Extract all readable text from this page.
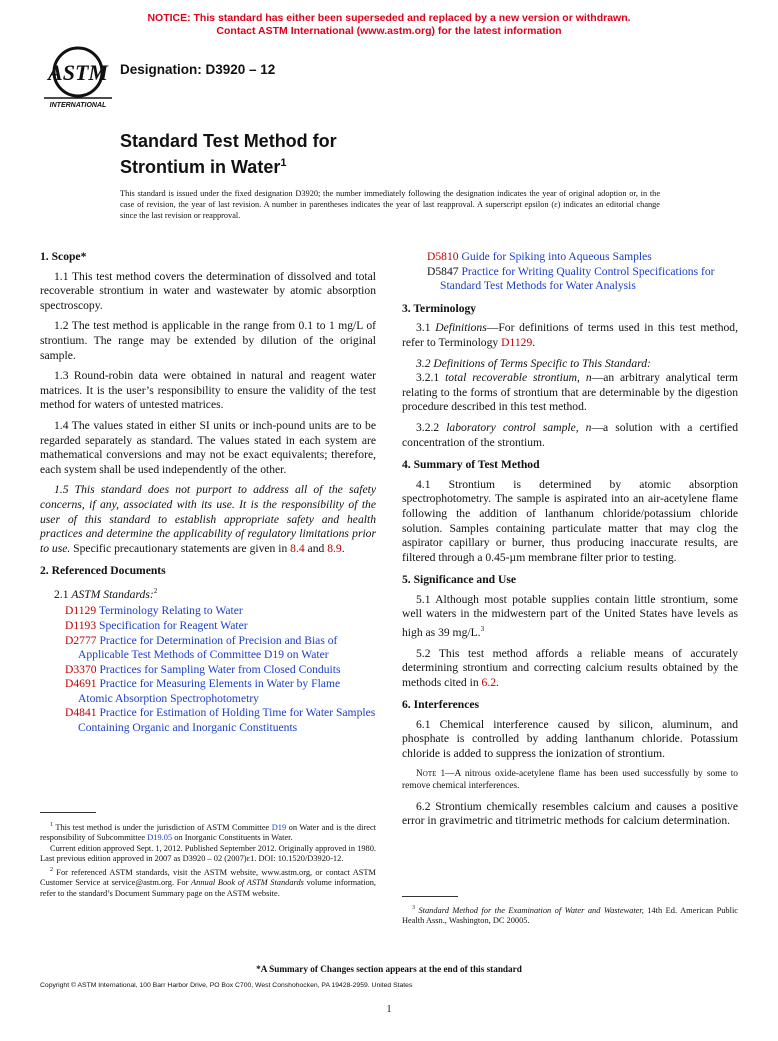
NOTICE: This standard has either been superseded and replaced by a new version or withdrawn.
Contact ASTM International (www.astm.org) for the latest information
ASTM
INTERNATIONAL
Designation: D3920 – 12
Standard Test Method for
Strontium in Water$^1$
This standard is issued under the fixed designation D3920; the number immediately following the designation indicates the year of original adoption or, in the case of revision, the year of last revision. A number in parentheses indicates the year of last reapproval. A superscript epsilon (ε) indicates an editorial change since the last revision or reapproval.
1. Scope*

1.1 This test method covers the determination of dissolved and total recoverable strontium in water and wastewater by atomic absorption spectroscopy.

1.2 The test method is applicable in the range from 0.1 to 1 mg/L of strontium. The range may be extended by dilution of the original sample.

1.3 Round-robin data were obtained in natural and reagent water matrices. It is the user’s responsibility to ensure the validity of the test method for waters of untested matrices.

1.4 The values stated in either SI units or inch-pound units are to be regarded separately as standard. The values stated in each system are mathematical conversions and may not be exact equivalents; therefore, each system shall be used independently of the other.

1.5 This standard does not purport to address all of the safety concerns, if any, associated with its use. It is the responsibility of the user of this standard to establish appropriate safety and health practices and determine the applicability of regulatory limitations prior to use. Specific precautionary statements are given in 8.4 and 8.9.

2. Referenced Documents

2.1 ASTM Standards:$^2$

D1129 Terminology Relating to Water

D1193 Specification for Reagent Water

D2777 Practice for Determination of Precision and Bias of Applicable Test Methods of Committee D19 on Water

D3370 Practices for Sampling Water from Closed Conduits

D4691 Practice for Measuring Elements in Water by Flame Atomic Absorption Spectrophotometry

D4841 Practice for Estimation of Holding Time for Water Samples Containing Organic and Inorganic Constituents

D5810 Guide for Spiking into Aqueous Samples

D5847 Practice for Writing Quality Control Specifications for Standard Test Methods for Water Analysis

3. Terminology

3.1 Definitions—For definitions of terms used in this test method, refer to Terminology D1129.

3.2 Definitions of Terms Specific to This Standard:

3.2.1 total recoverable strontium, n—an arbitrary analytical term relating to the forms of strontium that are determinable by the digestion procedure described in this test method.

3.2.2 laboratory control sample, n—a solution with a certified concentration of the strontium.

4. Summary of Test Method

4.1 Strontium is determined by atomic absorption spectrophotometry. The sample is aspirated into an air-acetylene flame following the addition of lanthanum chloride/potassium chloride solution. Samples containing particulate matter that may clog the aspirator capillary or burner, thus producing inaccurate results, are filtered through a 0.45-µm membrane filter prior to testing.

5. Significance and Use

5.1 Although most potable supplies contain little strontium, some well waters in the midwestern part of the United States have levels as high as 39 mg/L.$^3$

5.2 This test method affords a reliable means of accurately determining strontium and correcting calcium results obtained by the methods cited in 6.2.

6. Interferences

6.1 Chemical interference caused by silicon, aluminum, and phosphate is controlled by adding lanthanum chloride. Potassium chloride is added to suppress the ionization of strontium.

Note 1—A nitrous oxide-acetylene flame has been used successfully by some to remove chemical interferences.

6.2 Strontium chemically resembles calcium and causes a positive error in gravimetric and titrimetric methods for calcium determination.

$^1$ This test method is under the jurisdiction of ASTM Committee D19 on Water and is the direct responsibility of Subcommittee D19.05 on Inorganic Constituents in Water.

Current edition approved Sept. 1, 2012. Published September 2012. Originally approved in 1980. Last previous edition approved in 2007 as D3920 – 02 (2007)ε1. DOI: 10.1520/D3920-12.

$^2$ For referenced ASTM standards, visit the ASTM website, www.astm.org, or contact ASTM Customer Service at service@astm.org. For Annual Book of ASTM Standards volume information, refer to the standard’s Document Summary page on the ASTM website.

$^3$ Standard Method for the Examination of Water and Wastewater, 14th Ed. American Public Health Assn., Washington, DC 20005.

*A Summary of Changes section appears at the end of this standard
Copyright © ASTM International, 100 Barr Harbor Drive, PO Box C700, West Conshohocken, PA 19428-2959. United States
1
